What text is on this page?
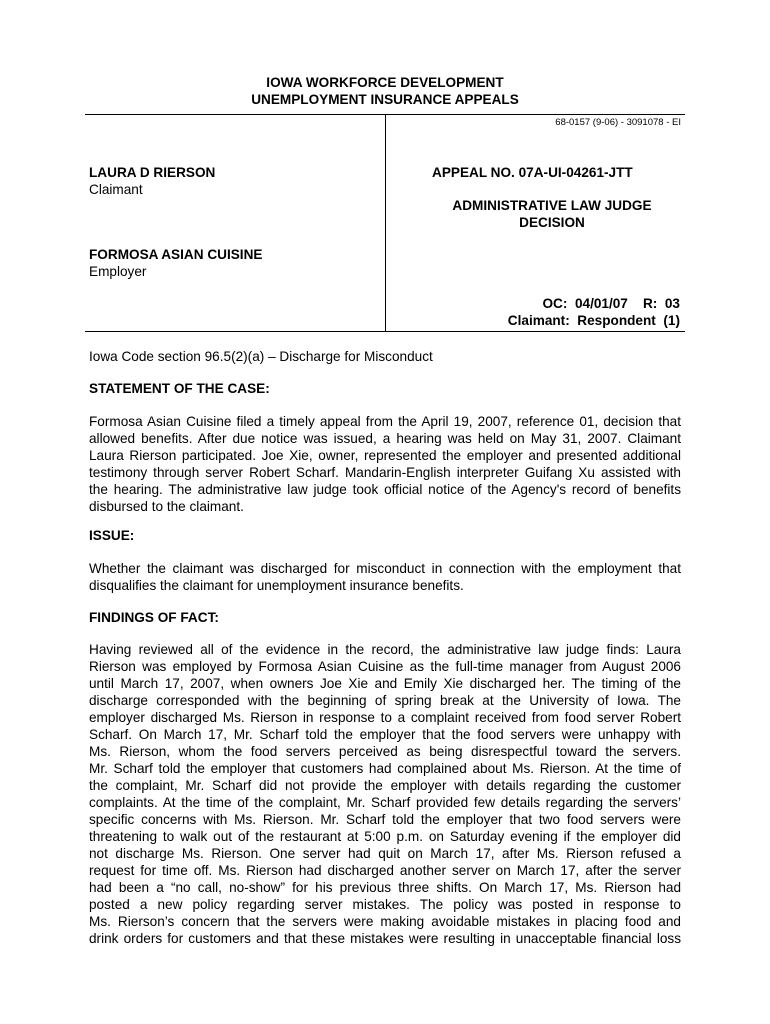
IOWA WORKFORCE DEVELOPMENT
UNEMPLOYMENT INSURANCE APPEALS
68-0157 (9-06) - 3091078 - EI
LAURA D RIERSON
Claimant
FORMOSA ASIAN CUISINE
Employer
APPEAL NO. 07A-UI-04261-JTT
ADMINISTRATIVE LAW JUDGE
DECISION
OC:  04/01/07    R:  03
Claimant:  Respondent  (1)
Iowa Code section 96.5(2)(a) – Discharge for Misconduct
STATEMENT OF THE CASE:
Formosa Asian Cuisine filed a timely appeal from the April 19, 2007, reference 01, decision that
allowed benefits. After due notice was issued, a hearing was held on May 31, 2007. Claimant
Laura Rierson participated. Joe Xie, owner, represented the employer and presented additional
testimony through server Robert Scharf. Mandarin-English interpreter Guifang Xu assisted with
the hearing. The administrative law judge took official notice of the Agency's record of benefits
disbursed to the claimant.
ISSUE:
Whether the claimant was discharged for misconduct in connection with the employment that
disqualifies the claimant for unemployment insurance benefits.
FINDINGS OF FACT:
Having reviewed all of the evidence in the record, the administrative law judge finds: Laura
Rierson was employed by Formosa Asian Cuisine as the full-time manager from August 2006
until March 17, 2007, when owners Joe Xie and Emily Xie discharged her. The timing of the
discharge corresponded with the beginning of spring break at the University of Iowa. The
employer discharged Ms. Rierson in response to a complaint received from food server Robert
Scharf. On March 17, Mr. Scharf told the employer that the food servers were unhappy with
Ms. Rierson, whom the food servers perceived as being disrespectful toward the servers.
Mr. Scharf told the employer that customers had complained about Ms. Rierson. At the time of
the complaint, Mr. Scharf did not provide the employer with details regarding the customer
complaints. At the time of the complaint, Mr. Scharf provided few details regarding the servers’
specific concerns with Ms. Rierson. Mr. Scharf told the employer that two food servers were
threatening to walk out of the restaurant at 5:00 p.m. on Saturday evening if the employer did
not discharge Ms. Rierson. One server had quit on March 17, after Ms. Rierson refused a
request for time off. Ms. Rierson had discharged another server on March 17, after the server
had been a “no call, no-show” for his previous three shifts. On March 17, Ms. Rierson had
posted a new policy regarding server mistakes. The policy was posted in response to
Ms. Rierson’s concern that the servers were making avoidable mistakes in placing food and
drink orders for customers and that these mistakes were resulting in unacceptable financial loss
